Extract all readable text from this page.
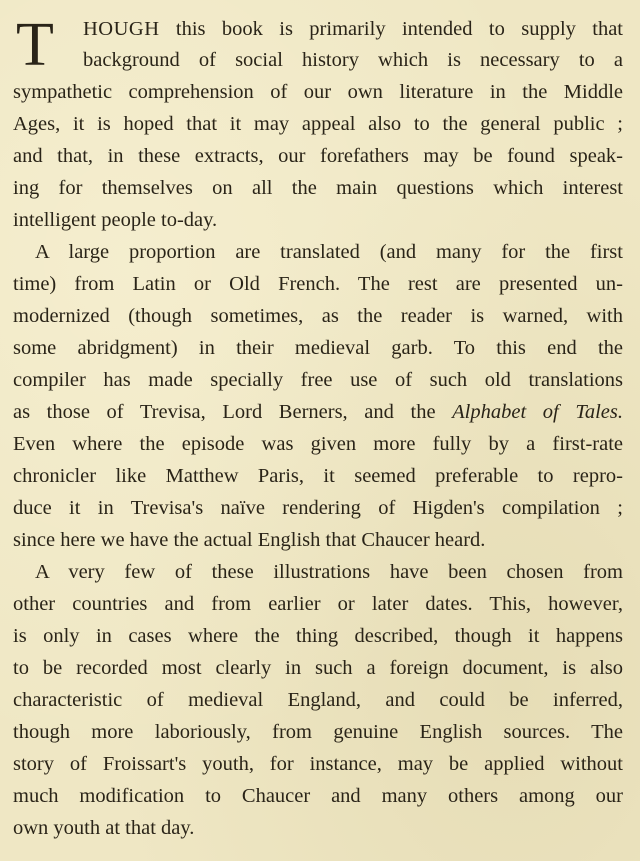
T HOUGH this book is primarily intended to supply that
background of social history which is necessary to a
sympathetic comprehension of our own literature in the Middle
Ages, it is hoped that it may appeal also to the general public ;
and that, in these extracts, our forefathers may be found speak-
ing for themselves on all the main questions which interest
intelligent people to-day.
A large proportion are translated (and many for the first
time) from Latin or Old French. The rest are presented un-
modernized (though sometimes, as the reader is warned, with
some abridgment) in their medieval garb. To this end the
compiler has made specially free use of such old translations
as those of Trevisa, Lord Berners, and the Alphabet of Tales.
Even where the episode was given more fully by a first-rate
chronicler like Matthew Paris, it seemed preferable to repro-
duce it in Trevisa's naïve rendering of Higden's compilation ;
since here we have the actual English that Chaucer heard.
A very few of these illustrations have been chosen from
other countries and from earlier or later dates. This, however,
is only in cases where the thing described, though it happens
to be recorded most clearly in such a foreign document, is also
characteristic of medieval England, and could be inferred,
though more laboriously, from genuine English sources. The
story of Froissart's youth, for instance, may be applied without
much modification to Chaucer and many others among our
own youth at that day.
